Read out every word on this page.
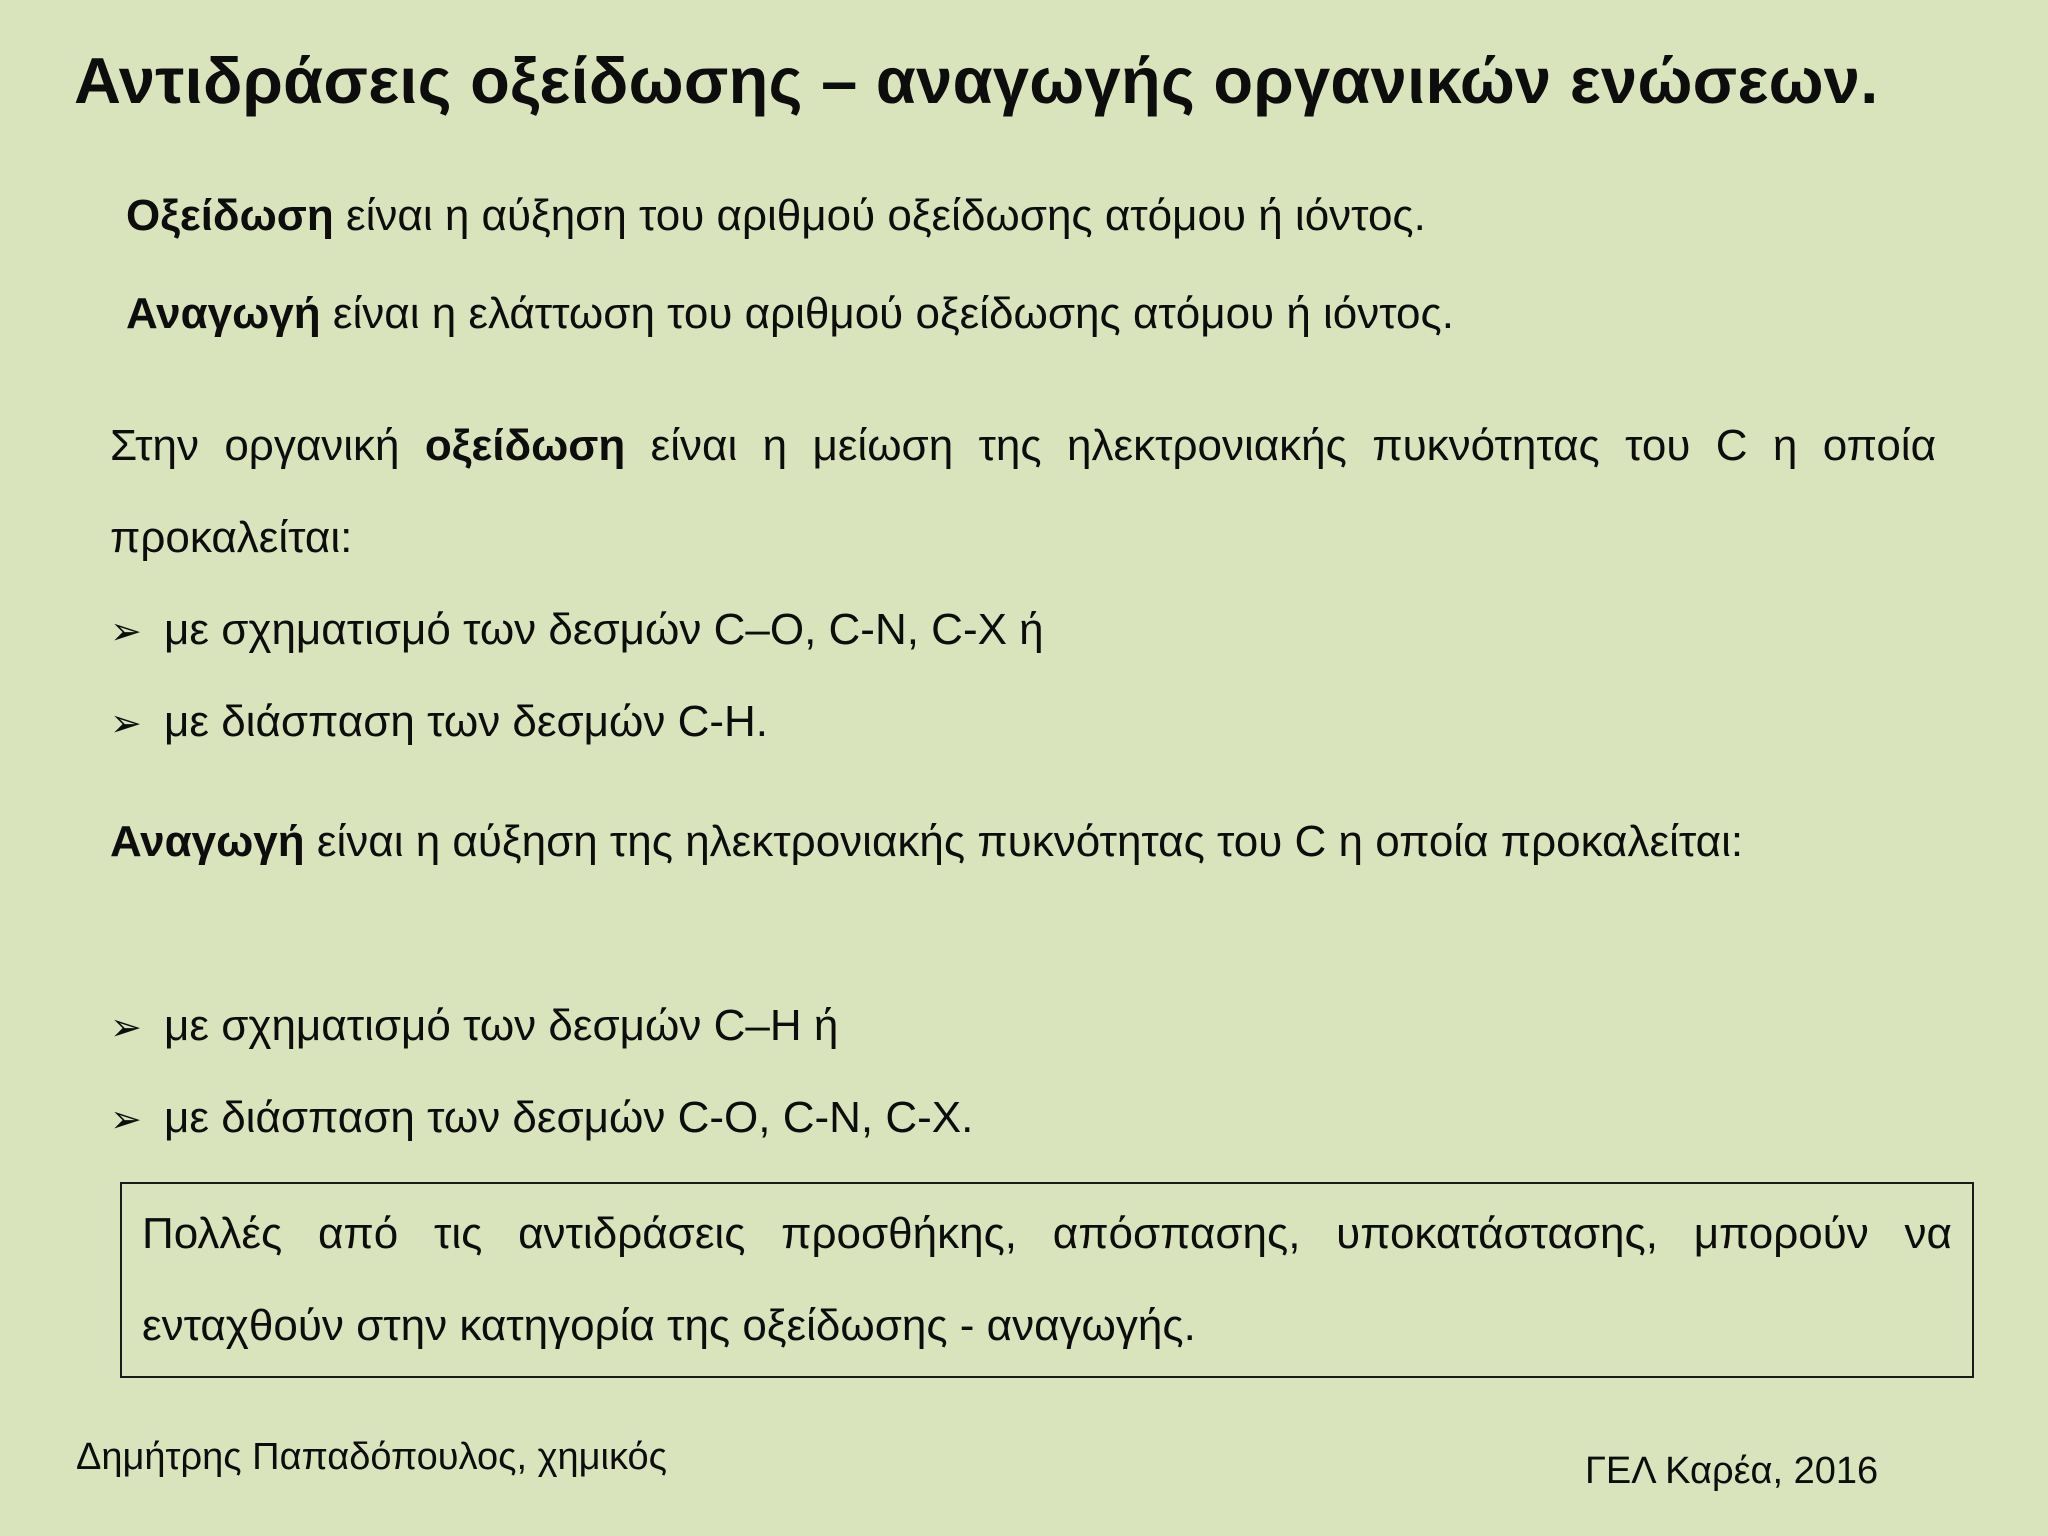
Αντιδράσεις οξείδωσης – αναγωγής οργανικών ενώσεων.
Οξείδωση είναι η αύξηση του αριθμού οξείδωσης ατόμου ή ιόντος.
Αναγωγή είναι η ελάττωση του αριθμού οξείδωσης ατόμου ή ιόντος.
Στην οργανική οξείδωση είναι η μείωση της ηλεκτρονιακής πυκνότητας του C η οποία προκαλείται:
➢ με σχηματισμό των δεσμών C–O, C-N, C-X ή
➢ με διάσπαση των δεσμών C-H.
Αναγωγή είναι η αύξηση της ηλεκτρονιακής πυκνότητας του C η οποία προκαλείται:
➢ με σχηματισμό των δεσμών C–H ή
➢ με διάσπαση των δεσμών C-O, C-N, C-X.
Πολλές από τις αντιδράσεις προσθήκης, απόσπασης, υποκατάστασης, μπορούν να ενταχθούν στην κατηγορία της οξείδωσης - αναγωγής.
Δημήτρης Παπαδόπουλος, χημικός	ΓΕΛ Καρέα, 2016
